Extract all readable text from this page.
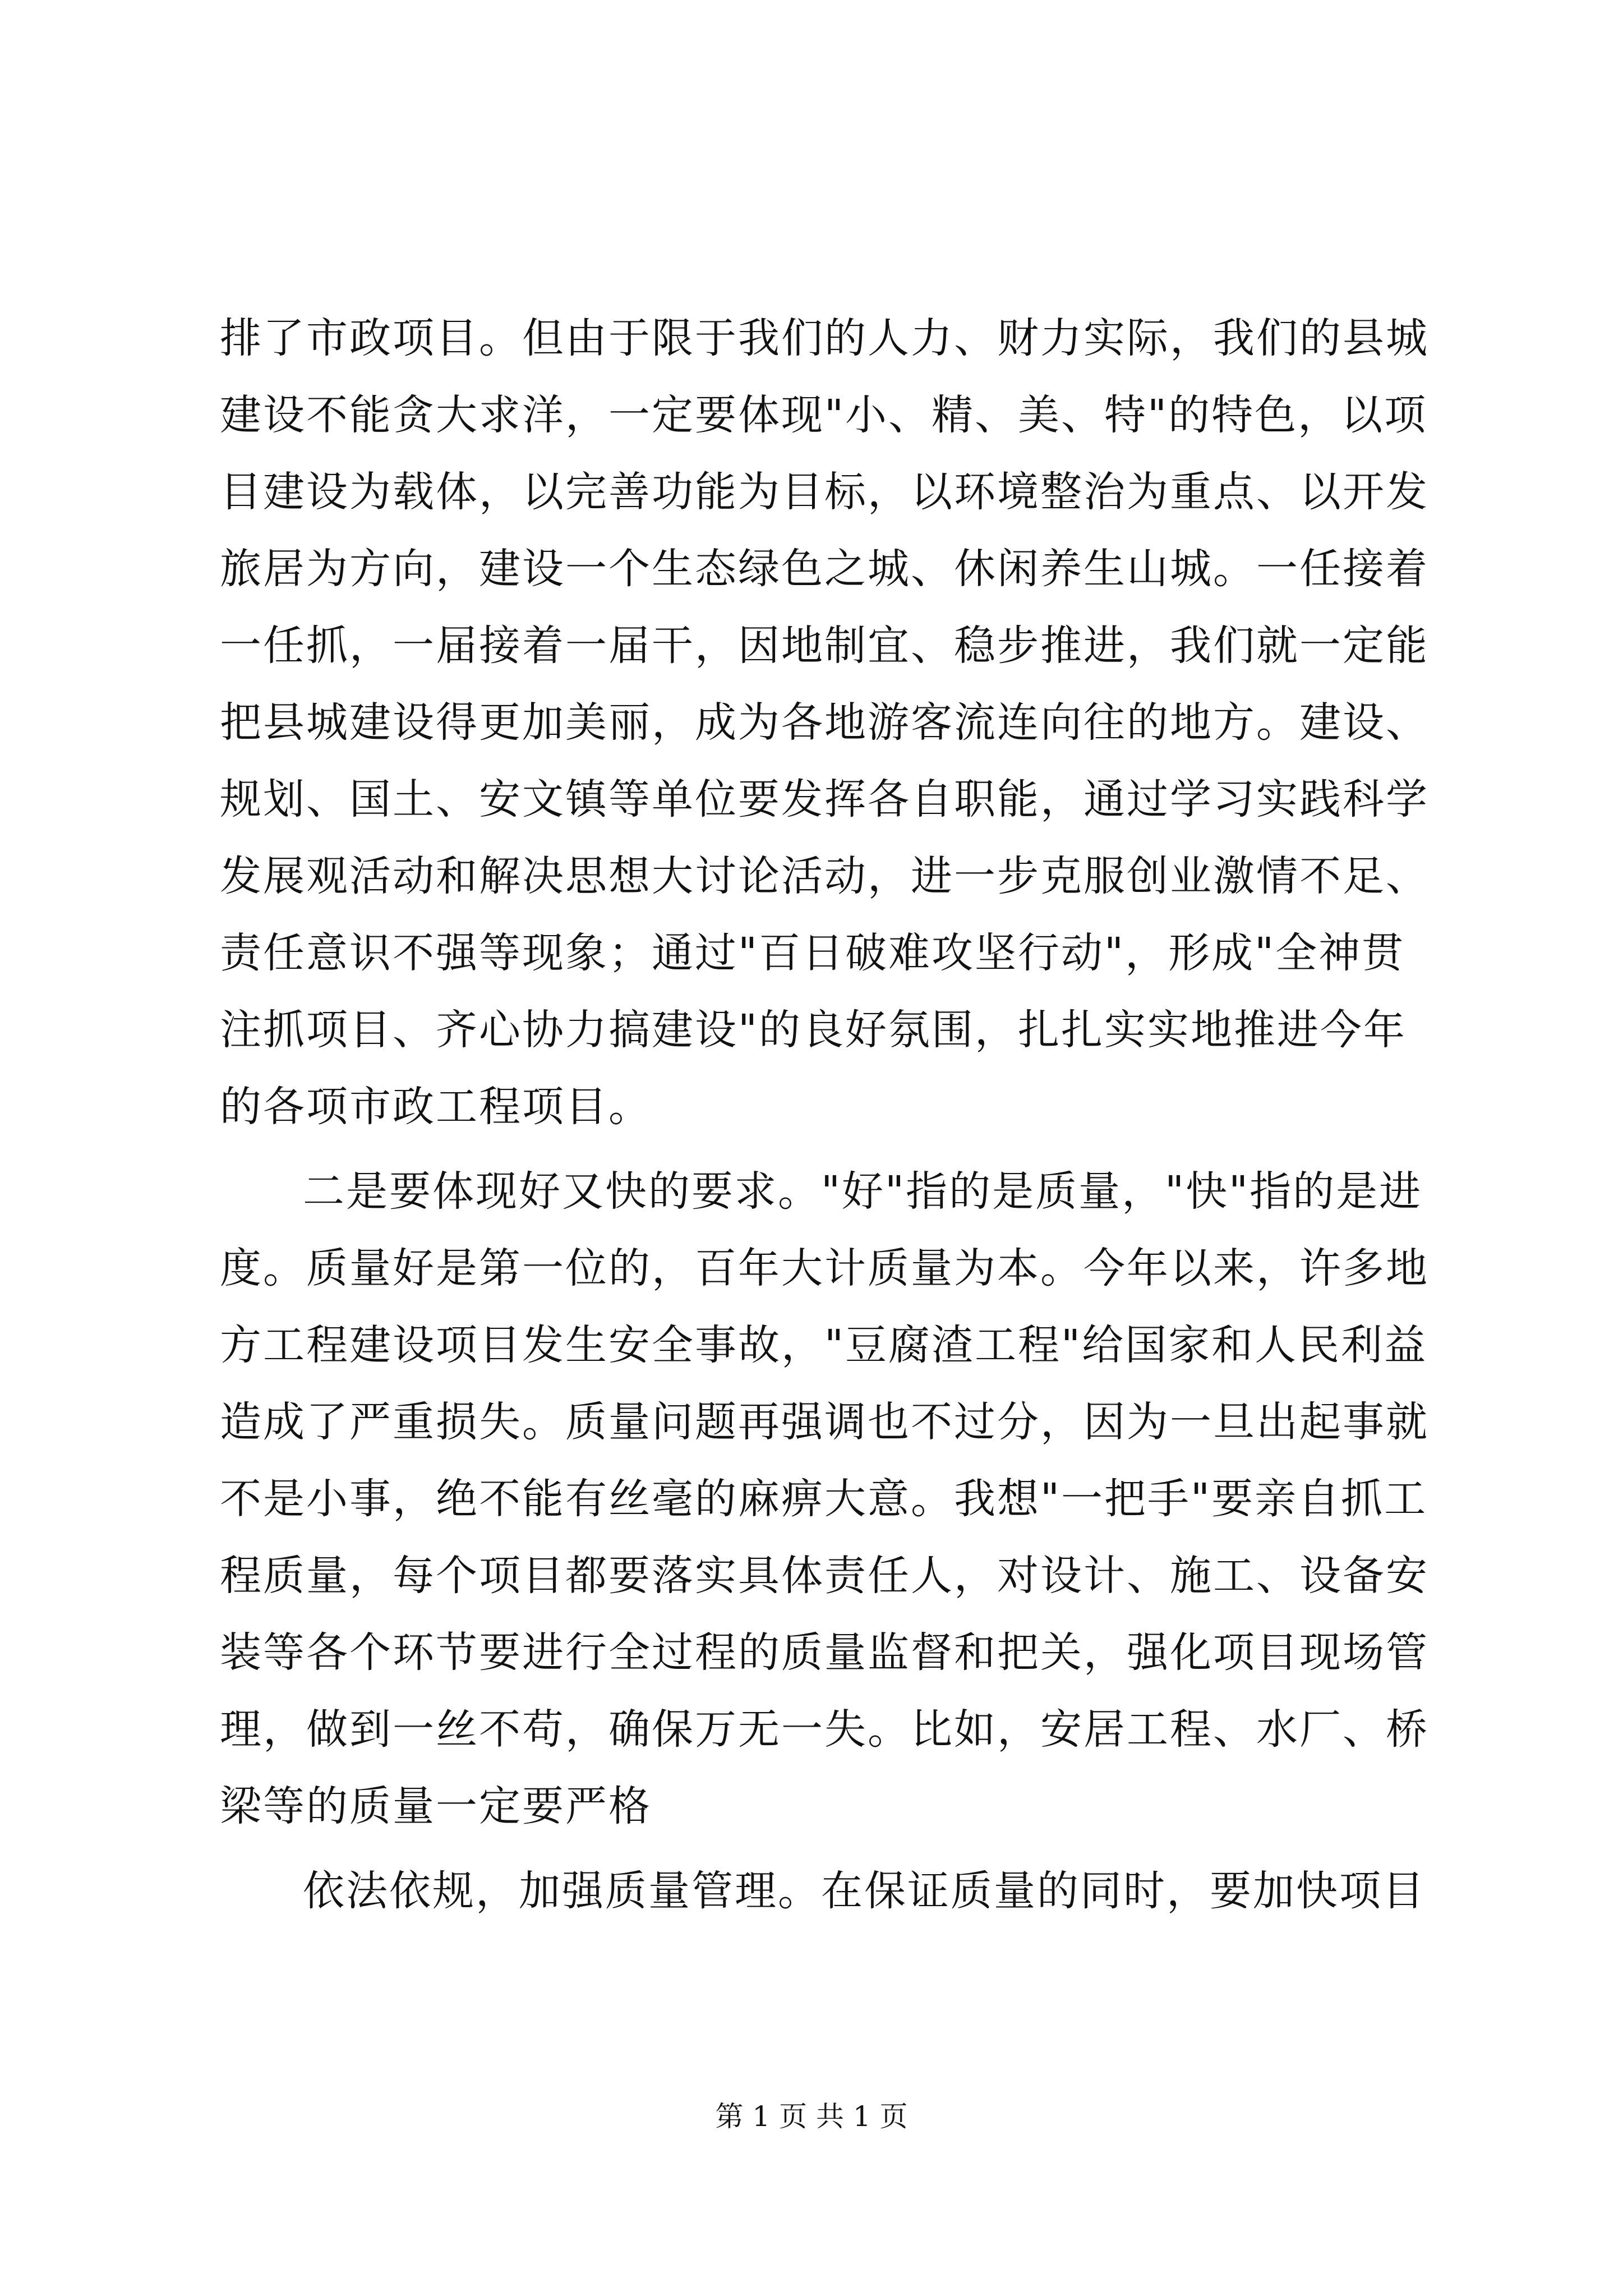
排了市政项目。但由于限于我们的人力、财力实际，我们的县城
建设不能贪大求洋，一定要体现"小、精、美、特"的特色，以项
目建设为载体，以完善功能为目标，以环境整治为重点、以开发
旅居为方向，建设一个生态绿色之城、休闲养生山城。一任接着
一任抓，一届接着一届干，因地制宜、稳步推进，我们就一定能
把县城建设得更加美丽，成为各地游客流连向往的地方。建设、
规划、国土、安文镇等单位要发挥各自职能，通过学习实践科学
发展观活动和解决思想大讨论活动，进一步克服创业激情不足、
责任意识不强等现象；通过"百日破难攻坚行动"，形成"全神贯
注抓项目、齐心协力搞建设"的良好氛围，扎扎实实地推进今年
的各项市政工程项目。
二是要体现好又快的要求。"好"指的是质量，"快"指的是进
度。质量好是第一位的，百年大计质量为本。今年以来，许多地
方工程建设项目发生安全事故，"豆腐渣工程"给国家和人民利益
造成了严重损失。质量问题再强调也不过分，因为一旦出起事就
不是小事，绝不能有丝毫的麻痹大意。我想"一把手"要亲自抓工
程质量，每个项目都要落实具体责任人，对设计、施工、设备安
装等各个环节要进行全过程的质量监督和把关，强化项目现场管
理，做到一丝不苟，确保万无一失。比如，安居工程、水厂、桥
梁等的质量一定要严格
依法依规，加强质量管理。在保证质量的同时，要加快项目
第 1 页 共 1 页
